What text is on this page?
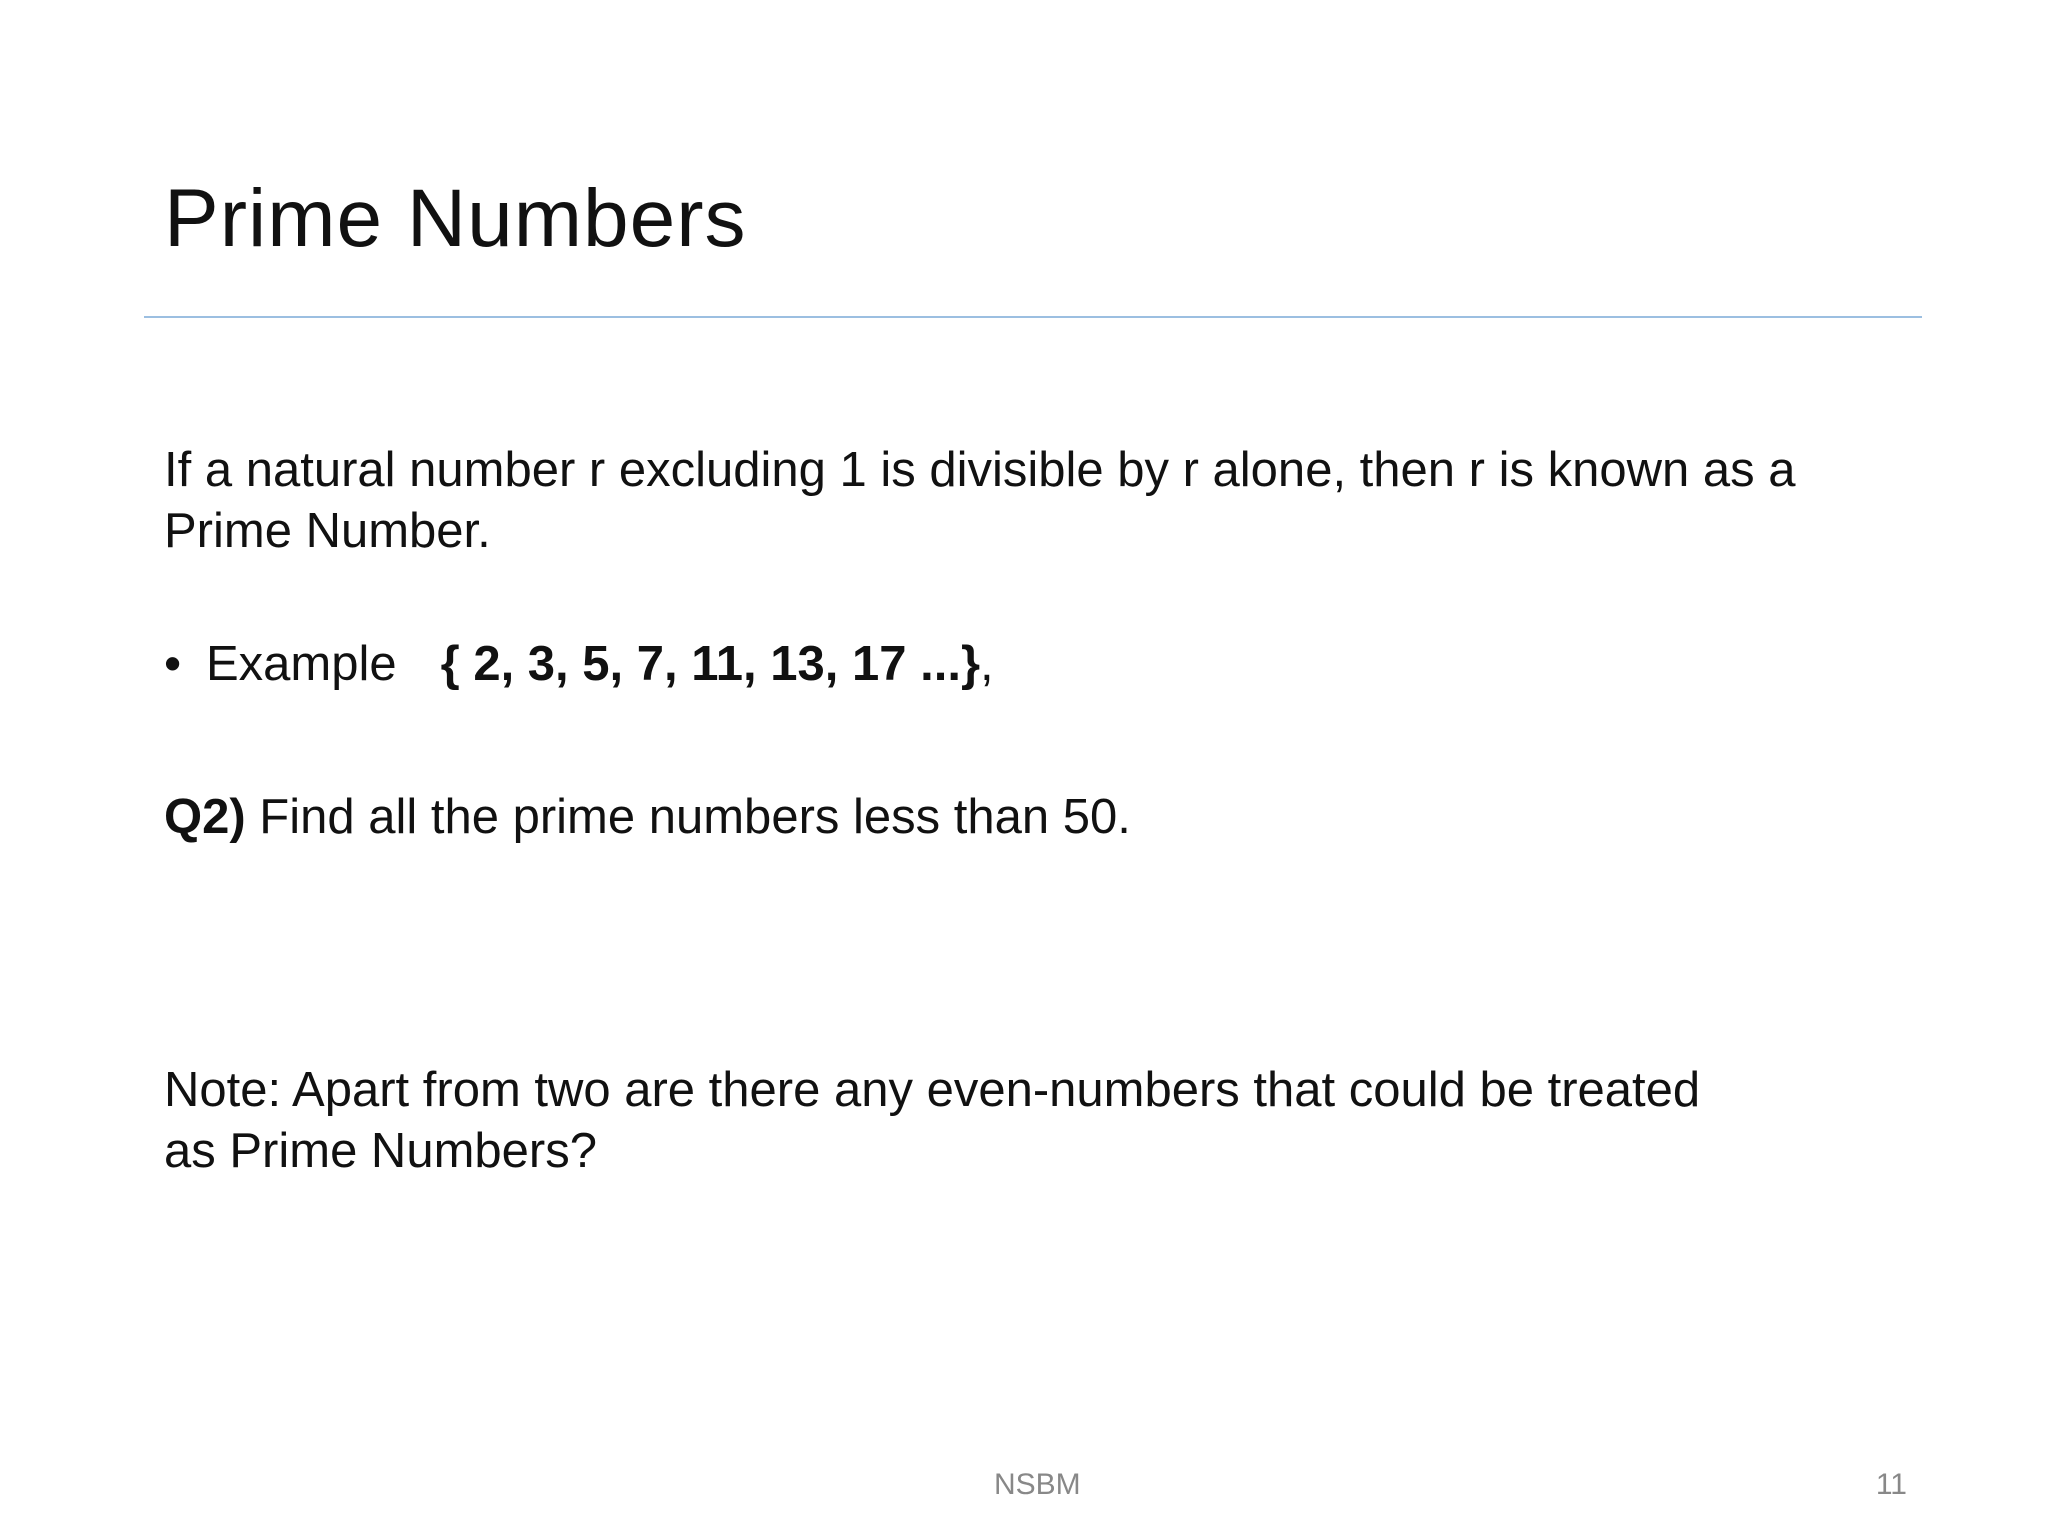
Prime Numbers

If a natural number r excluding 1 is divisible by r alone, then r is known as a Prime Number.

• Example { 2, 3, 5, 7, 11, 13, 17 ...},
Q2) Find all the prime numbers less than 50.
Note: Apart from two are there any even-numbers that could be treated
as Prime Numbers?
NSBM	11
